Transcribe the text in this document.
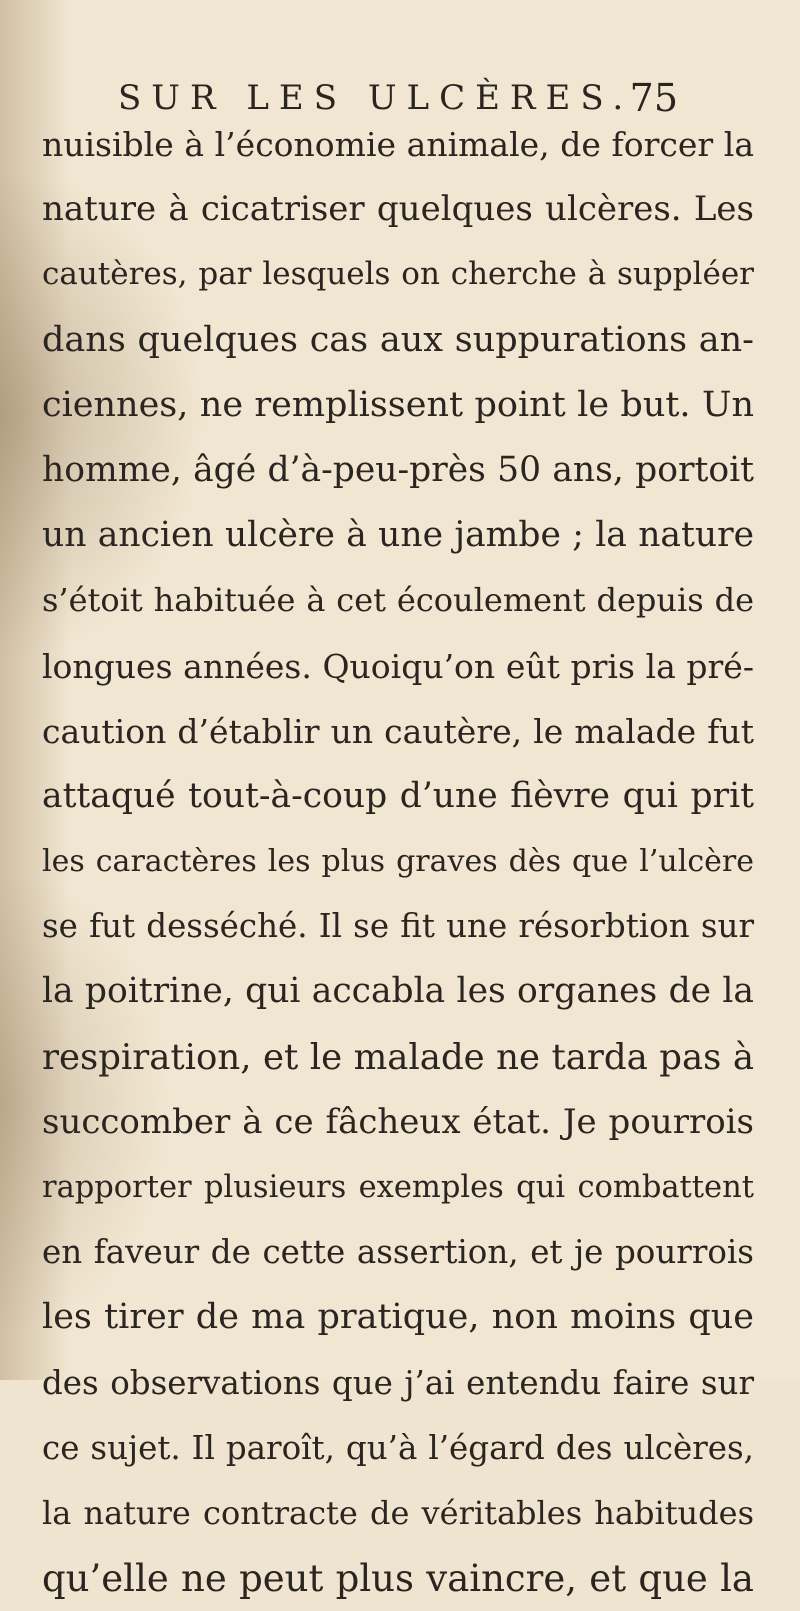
SUR LES ULCÈRES.
75
nuisible à l’économie animale, de forcer la
nature à cicatriser quelques ulcères. Les
cautères, par lesquels on cherche à suppléer
dans quelques cas aux suppurations an-
ciennes, ne remplissent point le but. Un
homme, âgé d’à-peu-près 50 ans, portoit
un ancien ulcère à une jambe ; la nature
s’étoit habituée à cet écoulement depuis de
longues années. Quoiqu’on eût pris la pré-
caution d’établir un cautère, le malade fut
attaqué tout-à-coup d’une fièvre qui prit
les caractères les plus graves dès que l’ulcère
se fut desséché. Il se fit une résorbtion sur
la poitrine, qui accabla les organes de la
respiration, et le malade ne tarda pas à
succomber à ce fâcheux état. Je pourrois
rapporter plusieurs exemples qui combattent
en faveur de cette assertion, et je pourrois
les tirer de ma pratique, non moins que
des observations que j’ai entendu faire sur
ce sujet. Il paroît, qu’à l’égard des ulcères,
la nature contracte de véritables habitudes
qu’elle ne peut plus vaincre, et que la
